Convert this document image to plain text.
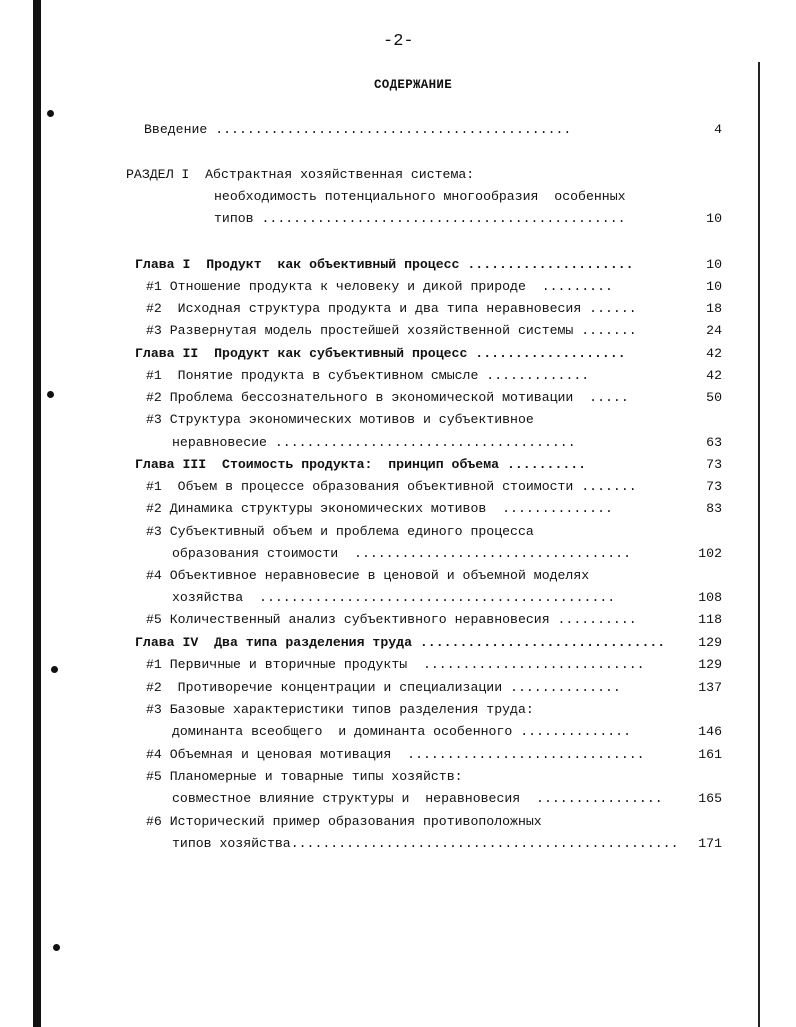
-2-
СОДЕРЖАНИЕ
Введение .............................................	4
РАЗДЕЛ I  Абстрактная хозяйственная система:
необходимость потенциального многообразия  особенных
типов ..............................................	10
Глава I  Продукт  как объективный процесс .....................	10
#1 Отношение продукта к человеку и дикой природе  .........	10
#2  Исходная структура продукта и два типа неравновесия ......	18
#3 Развернутая модель простейшей хозяйственной системы .......	24
Глава II  Продукт как субъективный процесс ...................	42
#1  Понятие продукта в субъективном смысле .............	42
#2 Проблема бессознательного в экономической мотивации  .....	50
#3 Структура экономических мотивов и субъективное
неравновесие ......................................	63
Глава III  Стоимость продукта:  принцип объема ..........	73
#1  Объем в процессе образования объективной стоимости .......	73
#2 Динамика структуры экономических мотивов  ..............	83
#3 Субъективный объем и проблема единого процесса
образования стоимости  ...................................	102
#4 Объективное неравновесие в ценовой и объемной моделях
хозяйства  .............................................	108
#5 Количественный анализ субъективного неравновесия ..........	118
Глава IV  Два типа разделения труда ...............................	129
#1 Первичные и вторичные продукты  ............................	129
#2  Противоречие концентрации и специализации ..............	137
#3 Базовые характеристики типов разделения труда:
доминанта всеобщего  и доминанта особенного ..............	146
#4 Объемная и ценовая мотивация  ..............................	161
#5 Планомерные и товарные типы хозяйств:
совместное влияние структуры и  неравновесия  ................	165
#6 Исторический пример образования противоположных
типов хозяйства.................................................	171
